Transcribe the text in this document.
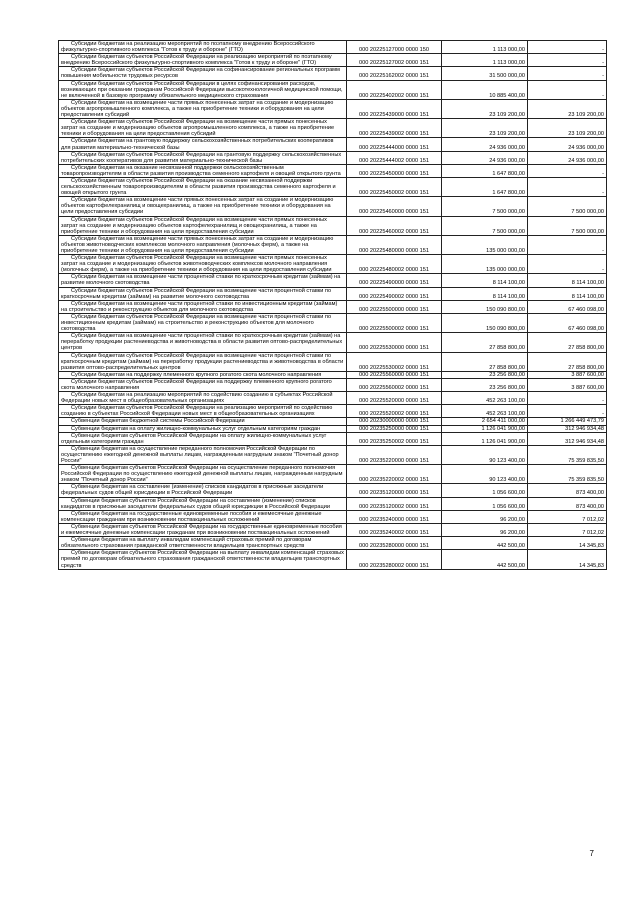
Субсидии бюджетам на реализацию мероприятий по поэтапному внедрению Всероссийского физкультурно-спортивного комплекса "Готов к труду и обороне" (ГТО)	000 20225127000 0000 150	1 113 000,00	-

Субсидии бюджетам субъектов Российской Федерации на реализацию мероприятий по поэтапному внедрению Всероссийского физкультурно-спортивного комплекса "Готов к труду и обороне" (ГТО)	000 20225127002 0000 151	1 113 000,00	-

Субсидии бюджетам субъектов Российской Федерации на софинансирование региональных программ повышения мобильности трудовых ресурсов	000 20225162002 0000 151	31 500 000,00	-

Субсидии бюджетам субъектов Российской Федерации в целях софинансирования расходов, возникающих при оказании гражданам Российской Федерации высокотехнологичной медицинской помощи, не включенной в базовую программу обязательного медицинского страхования	000 20225402002 0000 151	10 885 400,00	-

Субсидии бюджетам на возмещение части прямых понесенных затрат на создание и модернизацию объектов агропромышленного комплекса, а также на приобретение техники и оборудования на цели предоставления субсидий	000 20225439000 0000 151	23 109 200,00	23 109 200,00

Субсидии бюджетам субъектов Российской Федерации на возмещение части прямых понесенных затрат на создание и модернизацию объектов агропромышленного комплекса, а также на приобретение техники и оборудования на цели предоставления субсидий	000 20225439002 0000 151	23 109 200,00	23 109 200,00

Субсидии бюджетам на грантовую поддержку сельскохозяйственных потребительских кооперативов для развития материально-технической базы	000 20225444000 0000 151	24 936 000,00	24 936 000,00

Субсидии бюджетам субъектов Российской Федерации на грантовую поддержку сельскохозяйственных потребительских кооперативов для развития материально-технической базы	000 20225444002 0000 151	24 936 000,00	24 936 000,00

Субсидии бюджетам на оказание несвязанной поддержки сельскохозяйственным товаропроизводителям в области развития производства семенного картофеля и овощей открытого грунта	000 20225450000 0000 151	1 647 800,00	-

Субсидии бюджетам субъектов Российской Федерации на оказание несвязанной поддержки сельскохозяйственным товаропроизводителям в области развития производства семенного картофеля и овощей открытого грунта	000 20225450002 0000 151	1 647 800,00	-

Субсидии бюджетам на возмещение части прямых понесенных затрат на создание и модернизацию объектов картофелехранилищ и овощехранилищ, а также на приобретение техники и оборудования на цели предоставления субсидии	000 20225460000 0000 151	7 500 000,00	7 500 000,00

Субсидии бюджетам субъектов Российской Федерации на возмещение части прямых понесенных затрат на создание и модернизацию объектов картофелехранилищ и овощехранилищ, а также на приобретение техники и оборудования на цели предоставления субсидии	000 20225460002 0000 151	7 500 000,00	7 500 000,00

Субсидии бюджетам на возмещение части прямых понесенных затрат на создание и модернизацию объектов животноводческих комплексов молочного направления (молочных ферм), а также на приобретение техники и оборудования на цели предоставления субсидии	000 20225480000 0000 151	135 000 000,00	-

Субсидии бюджетам субъектов Российской Федерации на возмещение части прямых понесенных затрат на создание и модернизацию объектов животноводческих комплексов молочного направления (молочных ферм), а также на приобретение техники и оборудования на цели предоставления субсидии	000 20225480002 0000 151	135 000 000,00	-

Субсидии бюджетам на возмещение части процентной ставки по краткосрочным кредитам (займам) на развитие молочного скотоводства	000 20225490000 0000 151	8 114 100,00	8 114 100,00

Субсидии бюджетам субъектов Российской Федерации на возмещение части процентной ставки по краткосрочным кредитам (займам) на развитие молочного скотоводства	000 20225490002 0000 151	8 114 100,00	8 114 100,00

Субсидии бюджетам на возмещение части процентной ставки по инвестиционным кредитам (займам) на строительство и реконструкцию объектов для молочного скотоводства	000 20225500000 0000 151	150 090 800,00	67 460 098,00

Субсидии бюджетам субъектов Российской Федерации на возмещение части процентной ставки по инвестиционным кредитам (займам) на строительство и реконструкцию объектов для молочного скотоводства	000 20225500002 0000 151	150 090 800,00	67 460 098,00

Субсидии бюджетам на возмещение части процентной ставки по краткосрочным кредитам (займам) на переработку продукции растениеводства и животноводства в области развития оптово-распределительных центров	000 20225530000 0000 151	27 858 800,00	27 858 800,00

Субсидии бюджетам субъектов Российской Федерации на возмещение части процентной ставки по краткосрочным кредитам (займам) на переработку продукции растениеводства и животноводства в области развития оптово-распределительных центров	000 20225530002 0000 151	27 858 800,00	27 858 800,00

Субсидии бюджетам на поддержку племенного крупного рогатого скота молочного направления	000 20225560000 0000 151	23 256 800,00	3 887 600,00

Субсидии бюджетам субъектов Российской Федерации на поддержку племенного крупного рогатого скота молочного направления	000 20225560002 0000 151	23 256 800,00	3 887 600,00

Субсидии бюджетам на реализацию мероприятий по содействию созданию в субъектах Российской Федерации новых мест в общеобразовательных организациях	000 20225520000 0000 151	452 263 100,00	-

Субсидии бюджетам субъектов Российской Федерации на реализацию мероприятий по содействию созданию в субъектах Российской Федерации новых мест в общеобразовательных организациях	000 20225520002 0000 151	452 263 100,00	-

Субвенции бюджетам бюджетной системы Российской Федерации	000 20230000000 0000 151	2 654 411 000,00	1 266 449 473,79

Субвенции бюджетам на оплату жилищно-коммунальных услуг отдельным категориям граждан	000 20235250000 0000 151	1 126 041 900,00	312 946 934,48

Субвенции бюджетам субъектов Российской Федерации на оплату жилищно-коммунальных услуг отдельным категориям граждан	000 20235250002 0000 151	1 126 041 900,00	312 946 934,48

Субвенции бюджетам на осуществление переданного полномочия Российской Федерации по осуществлению ежегодной денежной выплаты лицам, награжденным нагрудным знаком "Почетный донор России"	000 20235220000 0000 151	90 123 400,00	75 359 835,50

Субвенции бюджетам субъектов Российской Федерации на осуществление переданного полномочия Российской Федерации по осуществлению ежегодной денежной выплаты лицам, награжденным нагрудным знаком "Почетный донор России"	000 20235220002 0000 151	90 123 400,00	75 359 835,50

Субвенции бюджетам на составление (изменение) списков кандидатов в присяжные заседатели федеральных судов общей юрисдикции в Российской Федерации	000 20235120000 0000 151	1 056 600,00	873 400,00

Субвенции бюджетам субъектов Российской Федерации на составление (изменение) списков кандидатов в присяжные заседатели федеральных судов общей юрисдикции в Российской Федерации	000 20235120002 0000 151	1 056 600,00	873 400,00

Субвенции бюджетам на государственные единовременные пособия и ежемесячные денежные компенсации гражданам при возникновении поствакцинальных осложнений	000 20235240000 0000 151	96 200,00	7 012,02

Субвенции бюджетам субъектов Российской Федерации на государственные единовременные пособия и ежемесячные денежные компенсации гражданам при возникновении поствакцинальных осложнений	000 20235240002 0000 151	96 200,00	7 012,02

Субвенции бюджетам на выплату инвалидам компенсаций страховых премий по договорам обязательного страхования гражданской ответственности владельцев транспортных средств	000 20235280000 0000 151	442 500,00	14 345,83

Субвенции бюджетам субъектов Российской Федерации на выплату инвалидам компенсаций страховых премий по договорам обязательного страхования гражданской ответственности владельцев транспортных средств	000 20235280002 0000 151	442 500,00	14 345,83
7
